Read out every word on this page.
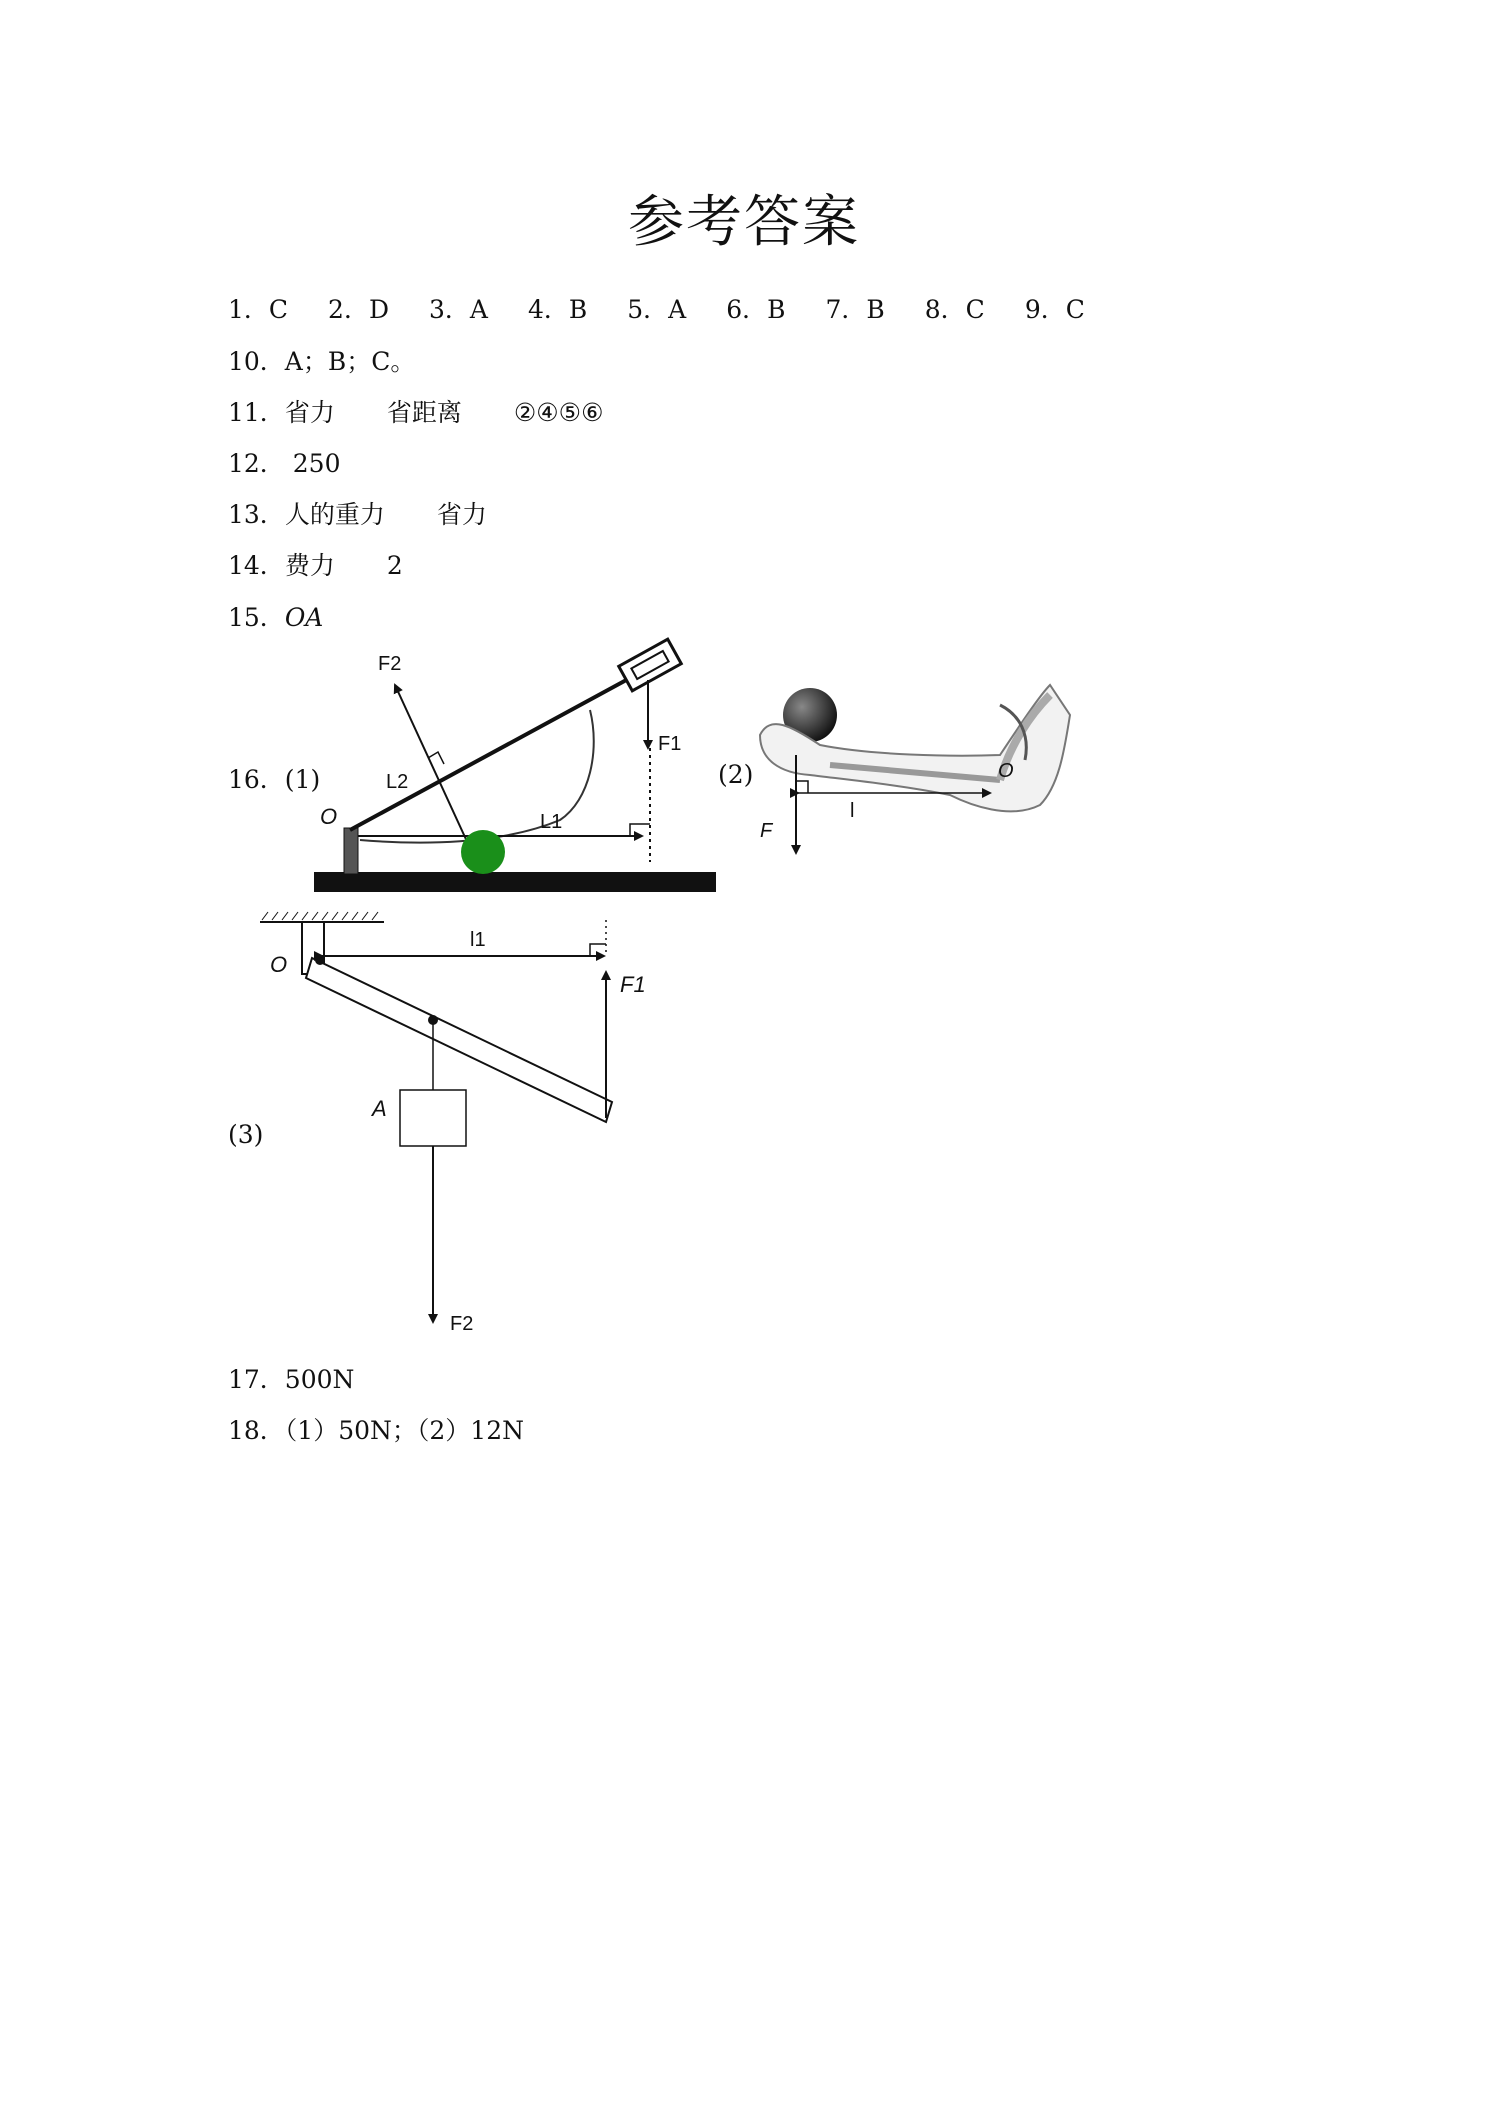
参考答案
1．C 2．D 3．A 4．B 5．A 6．B 7．B 8．C 9．C
10．A；B；C。
11．省力 省距离 ②④⑤⑥
12． 250
13．人的重力 省力
14．费力 2
15．OA
16．(1)
O
F1
F2
L1
L2	(2)	O
F
l
(3)
O
A
F1
F2
l1
17．500N
18．（1）50N；（2）12N
